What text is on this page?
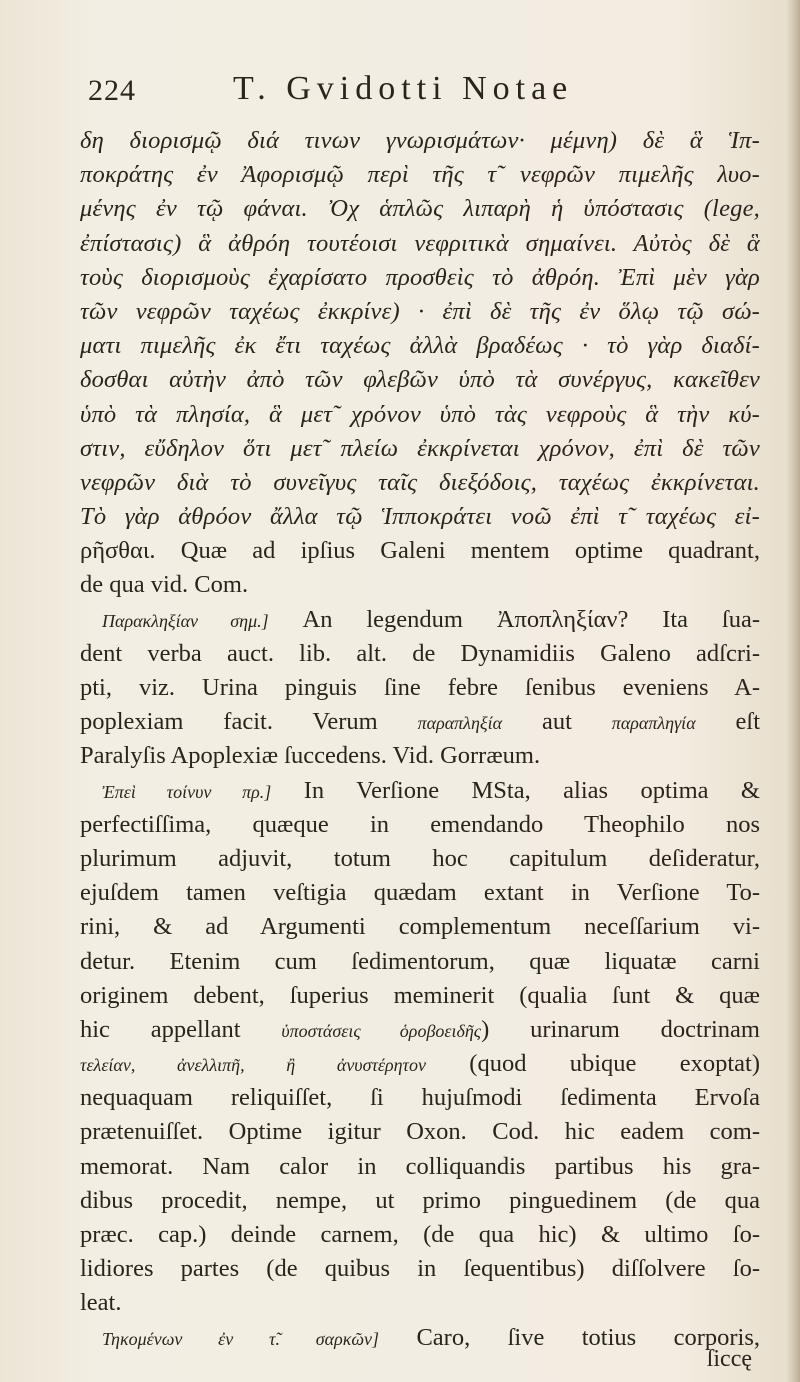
224	T. Gvidotti Notae
δη διορισμῷ διά τινων γνωρισμάτων· μέμνη) δὲ ἃ Ἱπ-
ποκράτης ἐν Ἀφορισμῷ περὶ τῆς τ̃ νεφρῶν πιμελῆς λυο-
μένης ἐν τῷ φάναι. Ὀχ ἁπλῶς λιπαρὴ ἡ ὑπόστασις (lege,
ἐπίστασις) ἃ ἀθρόη τουτέοισι νεφριτικὰ σημαίνει. Αὐτὸς δὲ ἃ
τοὺς διορισμοὺς ἐχαρίσατο προσθεὶς τὸ ἀθρόη. Ἐπὶ μὲν γὰρ
τῶν νεφρῶν ταχέως ἐκκρίνε) · ἐπὶ δὲ τῆς ἐν ὅλῳ τῷ σώ-
ματι πιμελῆς ἐκ ἔτι ταχέως ἀλλὰ βραδέως · τὸ γὰρ διαδί-
δοσθαι αὐτὴν ἀπὸ τῶν φλεβῶν ὑπὸ τὰ συνέργυς, κακεῖθεν
ὑπὸ τὰ πλησία, ἃ μετ̃ χρόνον ὑπὸ τὰς νεφροὺς ἃ τὴν κύ-
στιν, εὔδηλον ὅτι μετ̃ πλείω ἐκκρίνεται χρόνον, ἐπὶ δὲ τῶν
νεφρῶν διὰ τὸ συνεῖγυς ταῖς διεξόδοις, ταχέως ἐκκρίνεται.
Τὸ γὰρ ἀθρόον ἄλλα τῷ Ἱπποκράτει νοῶ ἐπὶ τ̃ ταχέως εἰ-
ρῆσθαι. Quæ ad ipſius Galeni mentem optime quadrant,
de qua vid. Com.
Παρακληξίαν σημ.] An legendum Ἀποπληξίαν? Ita ſua-
dent verba auct. lib. alt. de Dynamidiis Galeno adſcri-
pti, viz. Urina pinguis ſine febre ſenibus eveniens A-
poplexiam facit. Verum παραπληξία aut παραπληγία eſt
Paralyſis Apoplexiæ ſuccedens. Vid. Gorræum.
Ἐπεὶ τοίνυν πρ.] In Verſione MSta, alias optima &
perfectiſſima, quæque in emendando Theophilo nos
plurimum adjuvit, totum hoc capitulum deſideratur,
ejuſdem tamen veſtigia quædam extant in Verſione To-
rini, & ad Argumenti complementum neceſſarium vi-
detur. Etenim cum ſedimentorum, quæ liquatæ carni
originem debent, ſuperius meminerit (qualia ſunt & quæ
hic appellant ὑποστάσεις ὁροβοειδῆς) urinarum doctrinam
τελείαν, ἀνελλιπῆ, ἢ ἀνυστέρητον (quod ubique exoptat)
nequaquam reliquiſſet, ſi hujuſmodi ſedimenta Ervoſa
prætenuiſſet. Optime igitur Oxon. Cod. hic eadem com-
memorat. Nam calor in colliquandis partibus his gra-
dibus procedit, nempe, ut primo pinguedinem (de qua
præc. cap.) deinde carnem, (de qua hic) & ultimo ſo-
lidiores partes (de quibus in ſequentibus) diſſolvere ſo-
leat.
Τηκομένων ἐν τ̃. σαρκῶν] Caro, ſive totius corporis,
ſiccę
